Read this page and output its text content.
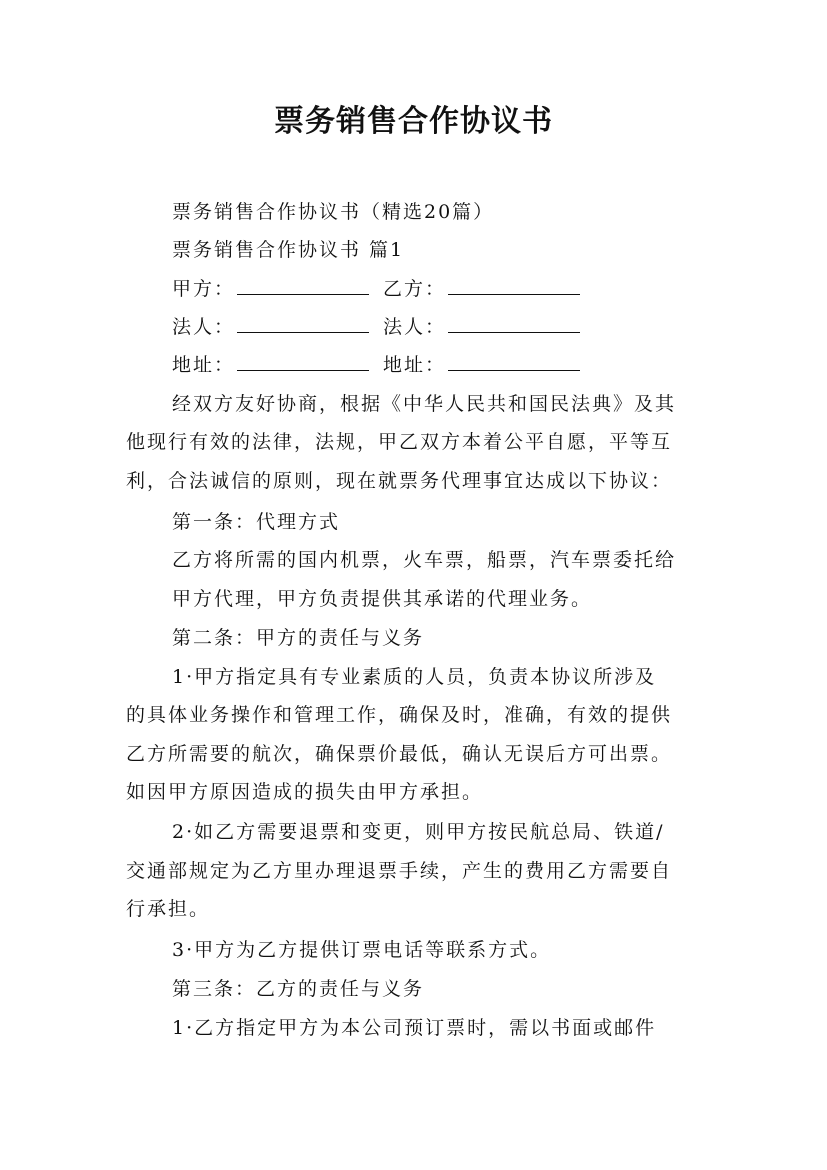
票务销售合作协议书

票务销售合作协议书（精选20篇）

票务销售合作协议书 篇1

甲方：	乙方：

法人：	法人：

地址：	地址：

经双方友好协商，根据《中华人民共和国民法典》及其

他现行有效的法律，法规，甲乙双方本着公平自愿，平等互

利，合法诚信的原则，现在就票务代理事宜达成以下协议：

第一条：代理方式

乙方将所需的国内机票，火车票，船票，汽车票委托给

甲方代理，甲方负责提供其承诺的代理业务。

第二条：甲方的责任与义务

1·甲方指定具有专业素质的人员，负责本协议所涉及

的具体业务操作和管理工作，确保及时，准确，有效的提供

乙方所需要的航次，确保票价最低，确认无误后方可出票。

如因甲方原因造成的损失由甲方承担。

2·如乙方需要退票和变更，则甲方按民航总局、铁道/

交通部规定为乙方里办理退票手续，产生的费用乙方需要自

行承担。

3·甲方为乙方提供订票电话等联系方式。

第三条：乙方的责任与义务

1·乙方指定甲方为本公司预订票时，需以书面或邮件
